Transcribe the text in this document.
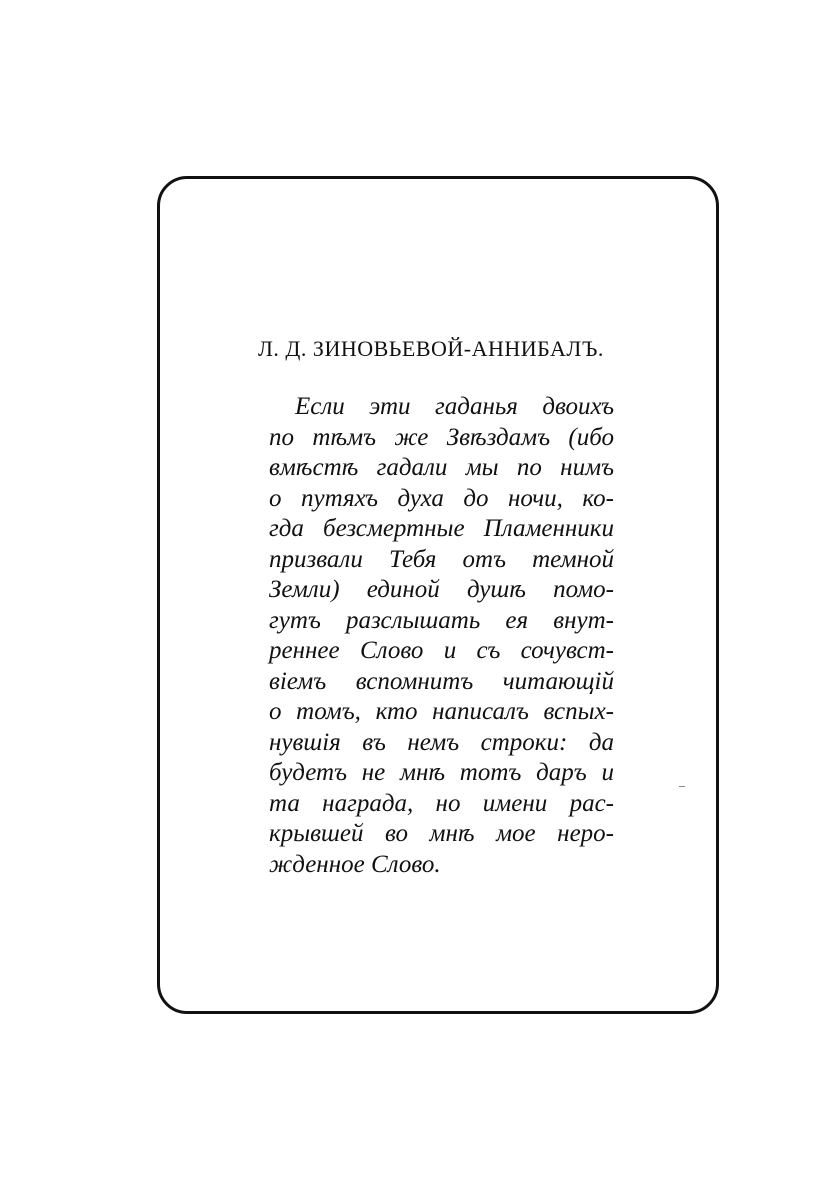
Л. Д. ЗИНОВЬЕВОЙ-АННИБАЛЪ.
Если эти гаданья двоихъ
по тѣмъ же Звѣздамъ (ибо
вмѣстѣ гадали мы по нимъ
о путяхъ духа до ночи, ко-
гда безсмертные Пламенники
призвали Тебя отъ темной
Земли) единой душѣ помо-
гутъ разслышать ея внут-
реннее Слово и съ сочувст-
вiемъ вспомнитъ читающiй
о томъ, кто написалъ вспых-
нувшiя въ немъ строки: да
будетъ не мнѣ тотъ даръ и
та награда, но имени рас-
крывшей во мнѣ мое неро-
жденное Слово.
